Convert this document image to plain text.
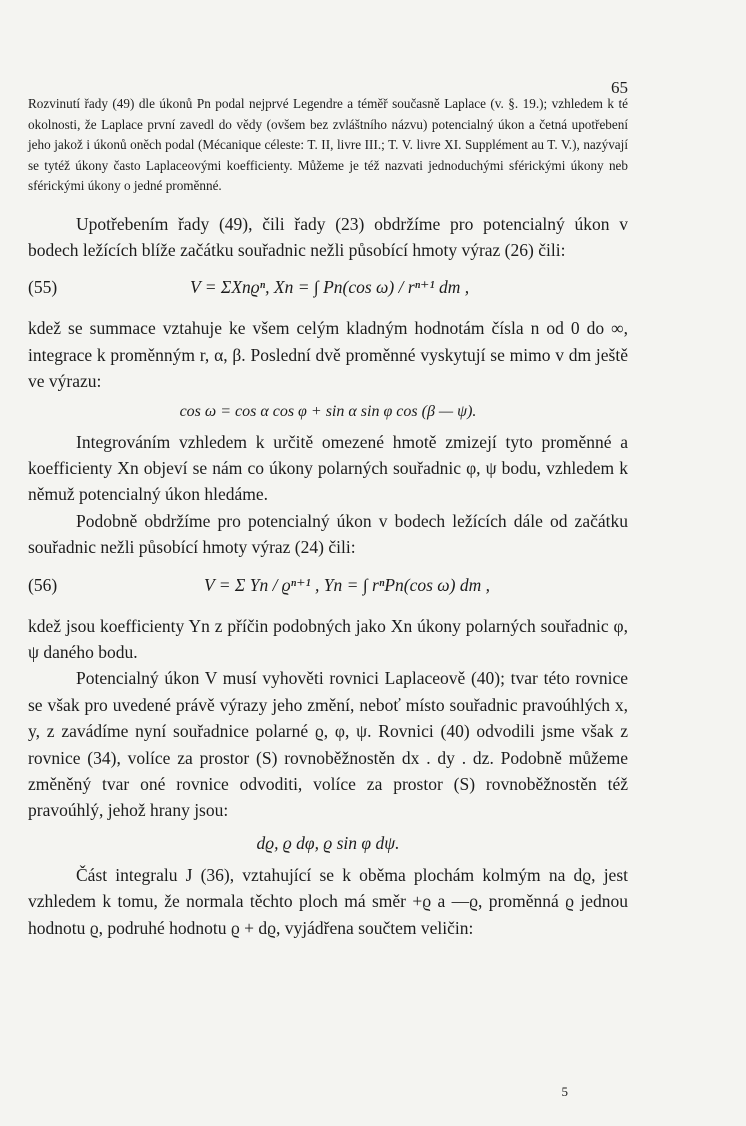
65

Rozvinutí řady (49) dle úkonů Pn podal nejprvé Legendre a téměř současně Laplace (v. §. 19.); vzhledem k té okolnosti, že Laplace první zavedl do vědy (ovšem bez zvláštního názvu) potencialný úkon a četná upotřebení jeho jakož i úkonů oněch podal (Mécanique céleste: T. II, livre III.; T. V. livre XI. Supplément au T. V.), nazývají se tytéž úkony často Laplaceovými koefficienty. Můžeme je též nazvati jednoduchými sférickými úkony neb sférickými úkony o jedné proměnné.

Upotřebením řady (49), čili řady (23) obdržíme pro potencialný úkon v bodech ležících blíže začátku souřadnic nežli působící hmoty výraz (26) čili:

(55)	V = ΣXnϱⁿ, Xn = ∫ Pn(cos ω) / rⁿ⁺¹ dm ,

kdež se summace vztahuje ke všem celým kladným hodnotám čísla n od 0 do ∞, integrace k proměnným r, α, β. Poslední dvě proměnné vyskytují se mimo v dm ještě ve výrazu:

cos ω = cos α cos φ + sin α sin φ cos (β — ψ).

Integrováním vzhledem k určitě omezené hmotě zmizejí tyto proměnné a koefficienty Xn objeví se nám co úkony polarných souřadnic φ, ψ bodu, vzhledem k němuž potencialný úkon hledáme.

Podobně obdržíme pro potencialný úkon v bodech ležících dále od začátku souřadnic nežli působící hmoty výraz (24) čili:

(56)	V = Σ Yn / ϱⁿ⁺¹ , Yn = ∫ rⁿPn(cos ω) dm ,

kdež jsou koefficienty Yn z příčin podobných jako Xn úkony polarných souřadnic φ, ψ daného bodu.

Potencialný úkon V musí vyhověti rovnici Laplaceově (40); tvar této rovnice se však pro uvedené právě výrazy jeho změní, neboť místo souřadnic pravoúhlých x, y, z zavádíme nyní souřadnice polarné ϱ, φ, ψ. Rovnici (40) odvodili jsme však z rovnice (34), volíce za prostor (S) rovnoběžnostěn dx . dy . dz. Podobně můžeme změněný tvar oné rovnice odvoditi, volíce za prostor (S) rovnoběžnostěn též pravoúhlý, jehož hrany jsou:

dϱ, ϱ dφ, ϱ sin φ dψ.

Část integralu J (36), vztahující se k oběma plochám kolmým na dϱ, jest vzhledem k tomu, že normala těchto ploch má směr +ϱ a —ϱ, proměnná ϱ jednou hodnotu ϱ, podruhé hodnotu ϱ + dϱ, vyjádřena součtem veličin:

5
